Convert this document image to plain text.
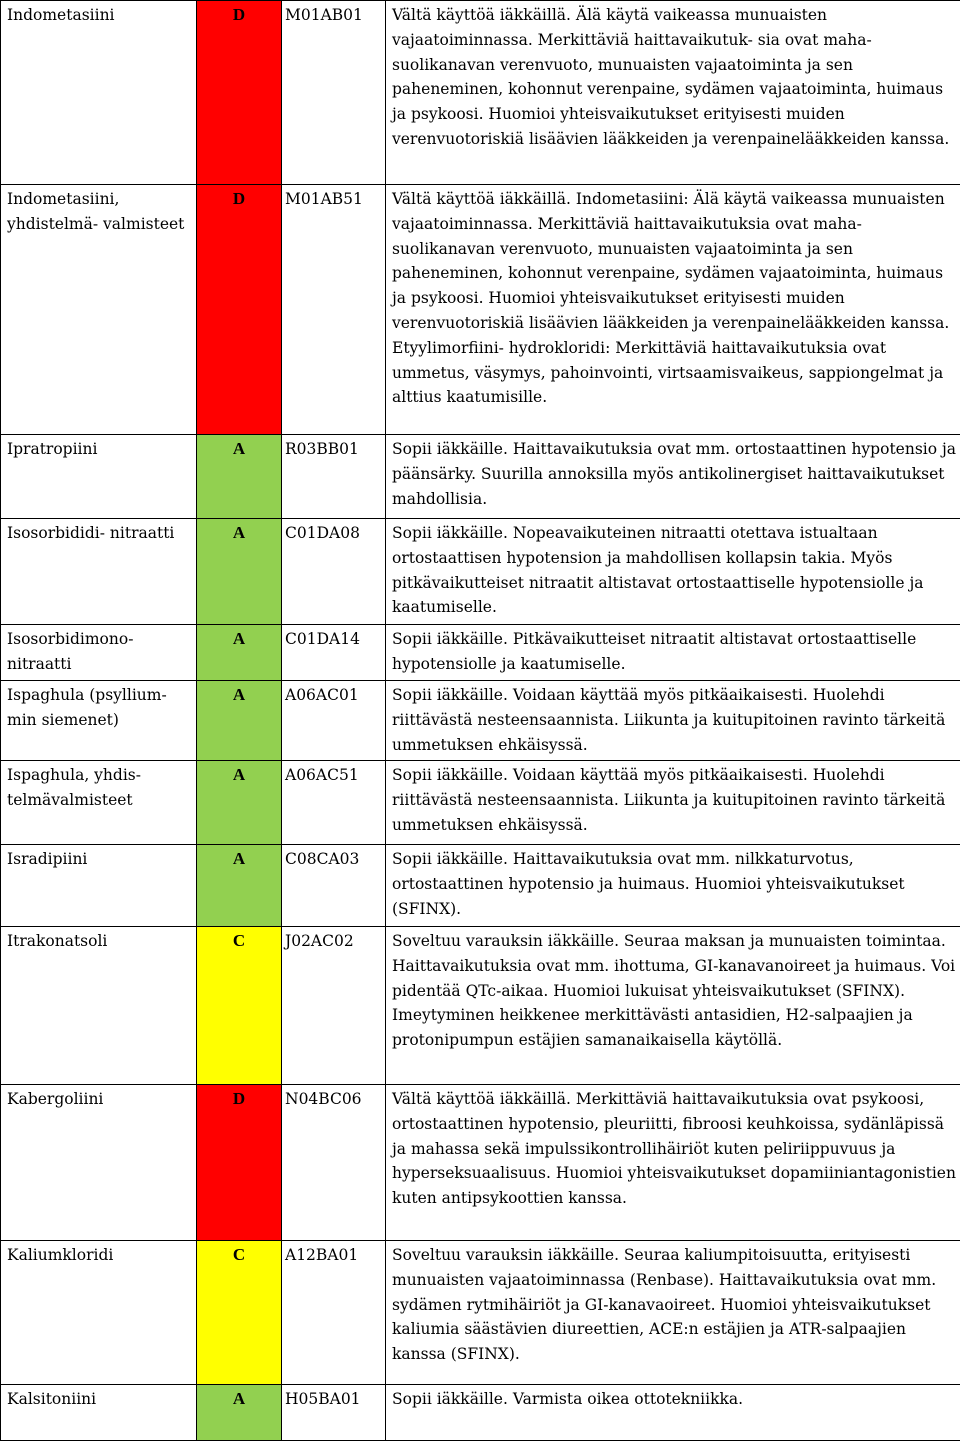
Indometasiini	D	M01AB01	Vältä käyttöä iäkkäillä. Älä käytä vaikeassa munuaisten vajaatoiminnassa. Merkittäviä haittavaikutuk- sia ovat maha-suolikanavan verenvuoto, munuaisten vajaatoiminta ja sen paheneminen, kohonnut verenpaine, sydämen vajaatoiminta, huimaus ja psykoosi. Huomioi yhteisvaikutukset erityisesti muiden verenvuotoriskiä lisäävien lääkkeiden ja verenpainelääkkeiden kanssa.
Indometasiini, yhdistelmä- valmisteet	D	M01AB51	Vältä käyttöä iäkkäillä. Indometasiini: Älä käytä vaikeassa munuaisten vajaatoiminnassa. Merkittäviä haittavaikutuksia ovat maha-suolikanavan verenvuoto, munuaisten vajaatoiminta ja sen paheneminen, kohonnut verenpaine, sydämen vajaatoiminta, huimaus ja psykoosi. Huomioi yhteisvaikutukset erityisesti muiden verenvuotoriskiä lisäävien lääkkeiden ja verenpainelääkkeiden kanssa. Etyylimorfiini- hydrokloridi: Merkittäviä haittavaikutuksia ovat ummetus, väsymys, pahoinvointi, virtsaamisvaikeus, sappiongelmat ja alttius kaatumisille.
Ipratropiini	A	R03BB01	Sopii iäkkäille. Haittavaikutuksia ovat mm. ortostaattinen hypotensio ja päänsärky. Suurilla annoksilla myös antikolinergiset haittavaikutukset mahdollisia.
Isosorbididi- nitraatti	A	C01DA08	Sopii iäkkäille. Nopeavaikuteinen nitraatti otettava istualtaan ortostaattisen hypotension ja mahdollisen kollapsin takia. Myös pitkävaikutteiset nitraatit altistavat ortostaattiselle hypotensiolle ja kaatumiselle.
Isosorbidimono- nitraatti	A	C01DA14	Sopii iäkkäille. Pitkävaikutteiset nitraatit altistavat ortostaattiselle hypotensiolle ja kaatumiselle.
Ispaghula (psyllium- min siemenet)	A	A06AC01	Sopii iäkkäille. Voidaan käyttää myös pitkäaikaisesti. Huolehdi riittävästä nesteensaannista. Liikunta ja kuitupitoinen ravinto tärkeitä ummetuksen ehkäisyssä.
Ispaghula, yhdis- telmävalmisteet	A	A06AC51	Sopii iäkkäille. Voidaan käyttää myös pitkäaikaisesti. Huolehdi riittävästä nesteensaannista. Liikunta ja kuitupitoinen ravinto tärkeitä ummetuksen ehkäisyssä.
Isradipiini	A	C08CA03	Sopii iäkkäille. Haittavaikutuksia ovat mm. nilkkaturvotus, ortostaattinen hypotensio ja huimaus. Huomioi yhteisvaikutukset (SFINX).
Itrakonatsoli	C	J02AC02	Soveltuu varauksin iäkkäille. Seuraa maksan ja munuaisten toimintaa. Haittavaikutuksia ovat mm. ihottuma, GI-kanavanoireet ja huimaus. Voi pidentää QTc-aikaa. Huomioi lukuisat yhteisvaikutukset (SFINX). Imeytyminen heikkenee merkittävästi antasidien, H2-salpaajien ja protonipumpun estäjien samanaikaisella käytöllä.
Kabergoliini	D	N04BC06	Vältä käyttöä iäkkäillä. Merkittäviä haittavaikutuksia ovat psykoosi, ortostaattinen hypotensio, pleuriitti, fibroosi keuhkoissa, sydänläpissä ja mahassa sekä impulssikontrollihäiriöt kuten peliriippuvuus ja hyperseksuaalisuus. Huomioi yhteisvaikutukset dopamiiniantagonistien kuten antipsykoottien kanssa.
Kaliumkloridi	C	A12BA01	Soveltuu varauksin iäkkäille. Seuraa kaliumpitoisuutta, erityisesti munuaisten vajaatoiminnassa (Renbase). Haittavaikutuksia ovat mm. sydämen rytmihäiriöt ja GI-kanavaoireet. Huomioi yhteisvaikutukset kaliumia säästävien diureettien, ACE:n estäjien ja ATR-salpaajien kanssa (SFINX).
Kalsitoniini	A	H05BA01	Sopii iäkkäille. Varmista oikea ottotekniikka.
